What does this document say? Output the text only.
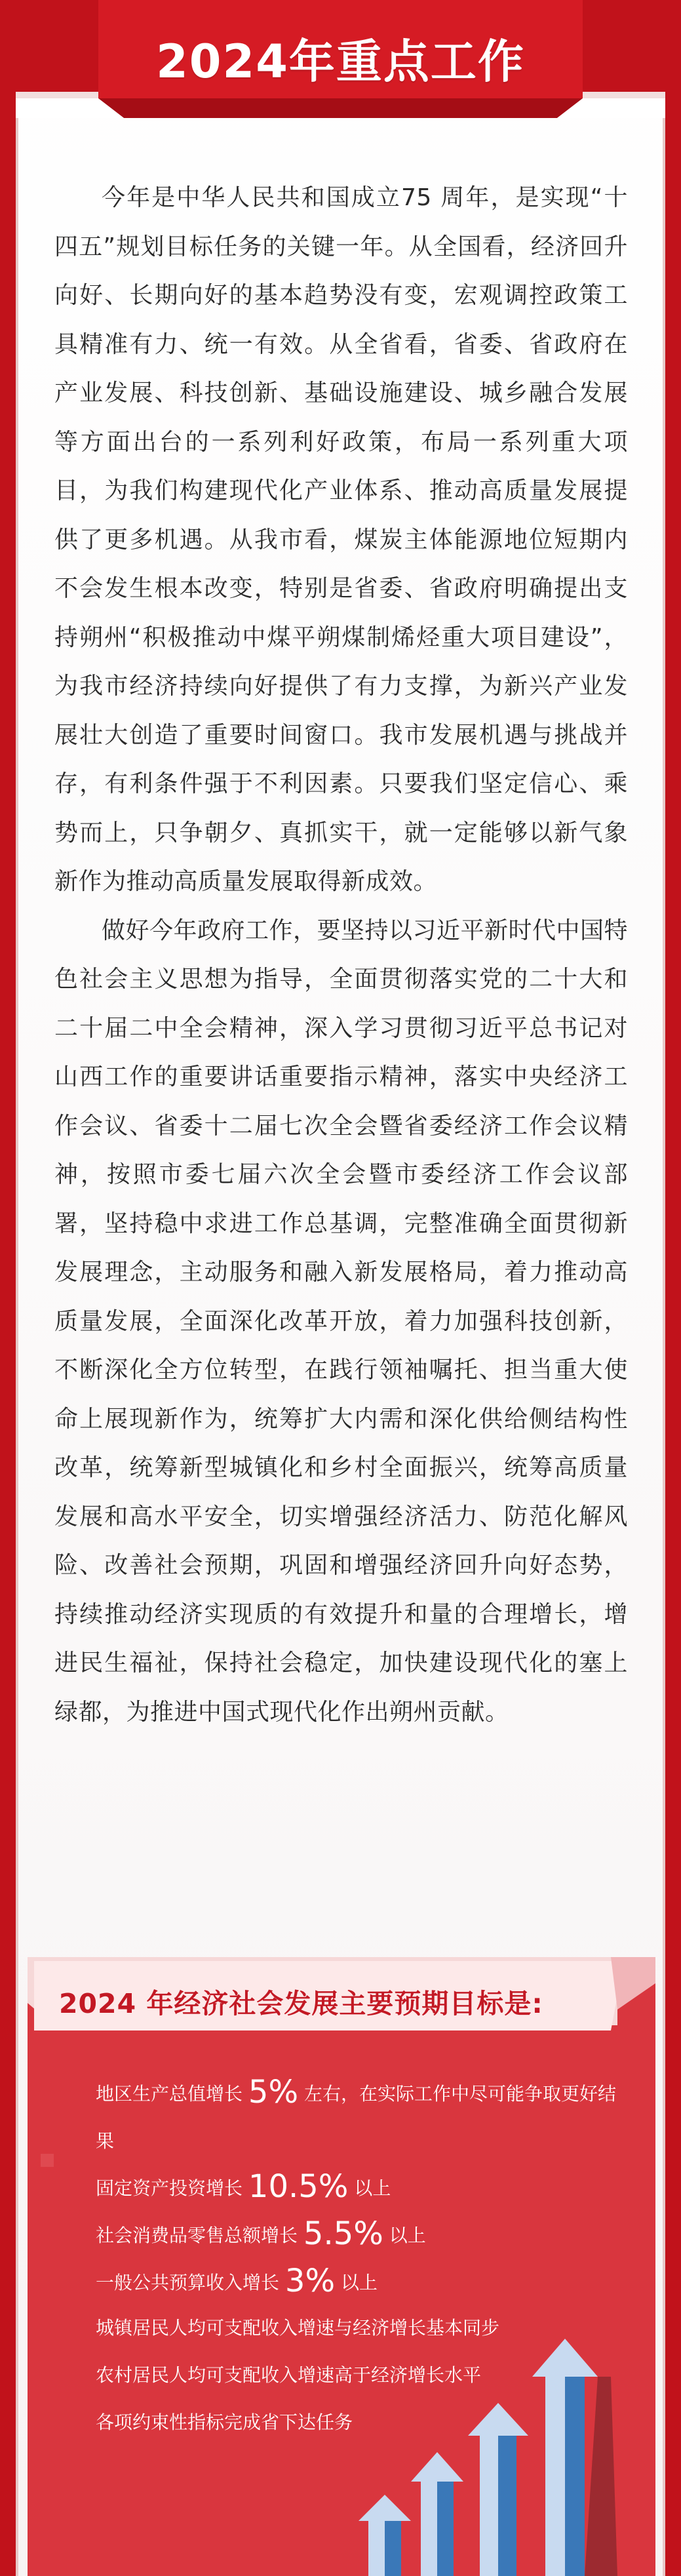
2024年重点工作

今年是中华人民共和国成立75 周年，是实现“十四五”规划目标任务的关键一年。从全国看，经济回升向好、长期向好的基本趋势没有变，宏观调控政策工具精准有力、统一有效。从全省看，省委、省政府在产业发展、科技创新、基础设施建设、城乡融合发展等方面出台的一系列利好政策，布局一系列重大项目，为我们构建现代化产业体系、推动高质量发展提供了更多机遇。从我市看，煤炭主体能源地位短期内不会发生根本改变，特别是省委、省政府明确提出支持朔州“积极推动中煤平朔煤制烯烃重大项目建设”，为我市经济持续向好提供了有力支撑，为新兴产业发展壮大创造了重要时间窗口。我市发展机遇与挑战并存，有利条件强于不利因素。只要我们坚定信心、乘势而上，只争朝夕、真抓实干，就一定能够以新气象新作为推动高质量发展取得新成效。

做好今年政府工作，要坚持以习近平新时代中国特色社会主义思想为指导，全面贯彻落实党的二十大和二十届二中全会精神，深入学习贯彻习近平总书记对山西工作的重要讲话重要指示精神，落实中央经济工作会议、省委十二届七次全会暨省委经济工作会议精神，按照市委七届六次全会暨市委经济工作会议部署，坚持稳中求进工作总基调，完整准确全面贯彻新发展理念，主动服务和融入新发展格局，着力推动高质量发展，全面深化改革开放，着力加强科技创新，不断深化全方位转型，在践行领袖嘱托、担当重大使命上展现新作为，统筹扩大内需和深化供给侧结构性改革，统筹新型城镇化和乡村全面振兴，统筹高质量发展和高水平安全，切实增强经济活力、防范化解风险、改善社会预期，巩固和增强经济回升向好态势，持续推动经济实现质的有效提升和量的合理增长，增进民生福祉，保持社会稳定，加快建设现代化的塞上绿都，为推进中国式现代化作出朔州贡献。

2024 年经济社会发展主要预期目标是:
地区生产总值增长 5% 左右，在实际工作中尽可能争取更好结果
固定资产投资增长 10.5% 以上
社会消费品零售总额增长 5.5% 以上
一般公共预算收入增长 3% 以上
城镇居民人均可支配收入增速与经济增长基本同步
农村居民人均可支配收入增速高于经济增长水平
各项约束性指标完成省下达任务
